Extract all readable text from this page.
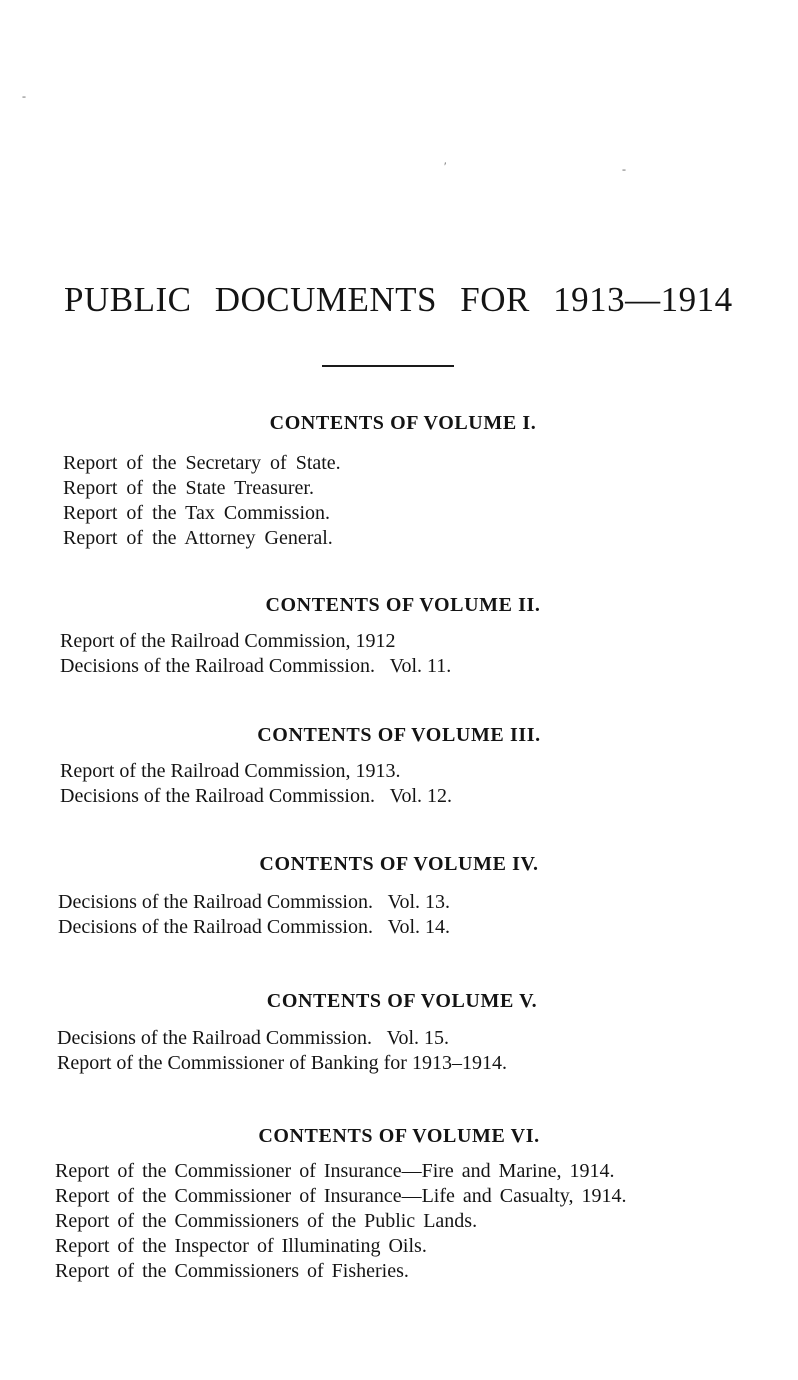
-
′	-
PUBLIC DOCUMENTS FOR 1913—1914
CONTENTS OF VOLUME I.
Report of the Secretary of State.
Report of the State Treasurer.
Report of the Tax Commission.
Report of the Attorney General.
CONTENTS OF VOLUME II.
Report of the Railroad Commission, 1912
Decisions of the Railroad Commission.   Vol. 11.
CONTENTS OF VOLUME III.
Report of the Railroad Commission, 1913.
Decisions of the Railroad Commission.   Vol. 12.
CONTENTS OF VOLUME IV.
Decisions of the Railroad Commission.   Vol. 13.
Decisions of the Railroad Commission.   Vol. 14.
CONTENTS OF VOLUME V.
Decisions of the Railroad Commission.   Vol. 15.
Report of the Commissioner of Banking for 1913–1914.
CONTENTS OF VOLUME VI.
Report of the Commissioner of Insurance—Fire and Marine, 1914.
Report of the Commissioner of Insurance—Life and Casualty, 1914.
Report of the Commissioners of the Public Lands.
Report of the Inspector of Illuminating Oils.
Report of the Commissioners of Fisheries.
